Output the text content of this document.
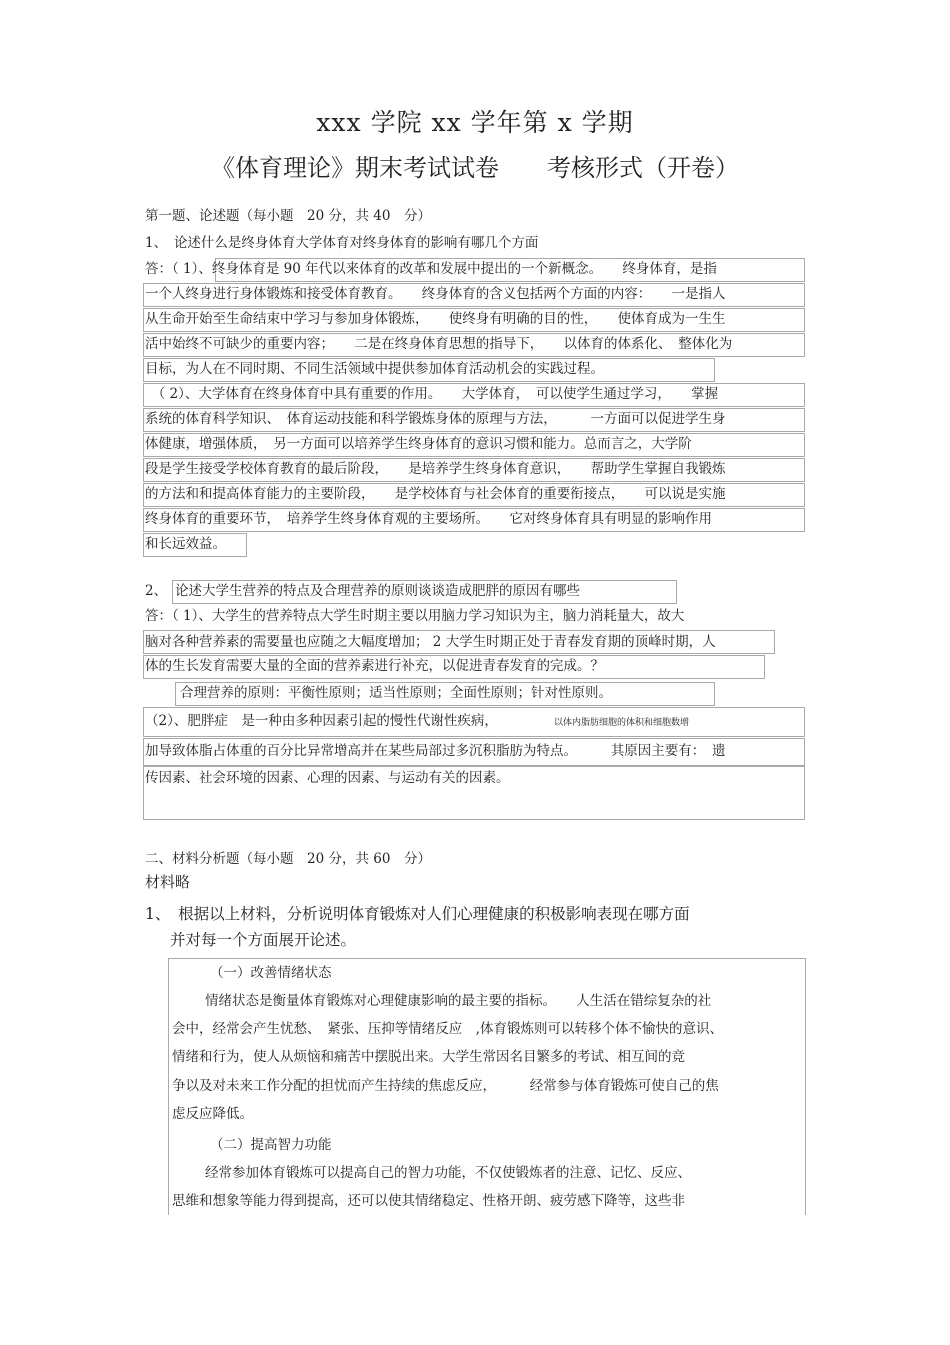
xxx 学院 xx 学年第 x 学期
《体育理论》期末考试试卷　　考核形式（开卷）
第一题、论述题（每小题　20 分，共 40　分）
1、　论述什么是终身体育大学体育对终身体育的影响有哪几个方面
答：（ 1）、终身体育是 90 年代以来体育的改革和发展中提出的一个新概念。　　终身体育，是指
一个人终身进行身体锻炼和接受体育教育。　　终身体育的含义包括两个方面的内容：　　一是指人
从生命开始至生命结束中学习与参加身体锻炼，　　使终身有明确的目的性，　　使体育成为一生生
活中始终不可缺少的重要内容；　　二是在终身体育思想的指导下，　　以体育的体系化、　整体化为
目标，为人在不同时期、不同生活领域中提供参加体育活动机会的实践过程。
　（ 2）、大学体育在终身体育中具有重要的作用。　　大学体育，　可以使学生通过学习，　　掌握
系统的体育科学知识、　体育运动技能和科学锻炼身体的原理与方法，　　　一方面可以促进学生身
体健康，增强体质，　另一方面可以培养学生终身体育的意识习惯和能力。总而言之，大学阶
段是学生接受学校体育教育的最后阶段，　　是培养学生终身体育意识，　　帮助学生掌握自我锻炼
的方法和和提高体育能力的主要阶段，　　是学校体育与社会体育的重要衔接点，　　可以说是实施
终身体育的重要环节，　培养学生终身体育观的主要场所。　　它对终身体育具有明显的影响作用
和长远效益。
2、 论述大学生营养的特点及合理营养的原则谈谈造成肥胖的原因有哪些
答：（ 1）、大学生的营养特点大学生时期主要以用脑力学习知识为主，脑力消耗量大，故大
脑对各种营养素的需要量也应随之大幅度增加； 2 大学生时期正处于青春发育期的顶峰时期，人
体的生长发育需要大量的全面的营养素进行补充，以促进青春发育的完成。？
合理营养的原则：平衡性原则；适当性原则；全面性原则；针对性原则。
（2）、肥胖症　是一种由多种因素引起的慢性代谢性疾病，	以体内脂肪细胞的体积和细胞数增
加导致体脂占体重的百分比异常增高并在某些局部过多沉积脂肪为特点。　　　其原因主要有：　遗
传因素、社会环境的因素、心理的因素、与运动有关的因素。
二、材料分析题（每小题　20 分，共 60　分）
材料略
1、　根据以上材料，分析说明体育锻炼对人们心理健康的积极影响表现在哪方面
并对每一个方面展开论述。
（一）改善情绪状态
情绪状态是衡量体育锻炼对心理健康影响的最主要的指标。　　人生活在错综复杂的社
会中，经常会产生忧愁、　紧张、压抑等情绪反应　,体育锻炼则可以转移个体不愉快的意识、
情绪和行为，使人从烦恼和痛苦中摆脱出来。大学生常因名目繁多的考试、相互间的竞
争以及对未来工作分配的担忧而产生持续的焦虑反应，　　　经常参与体育锻炼可使自己的焦
虑反应降低。
（二）提高智力功能
经常参加体育锻炼可以提高自己的智力功能，不仅使锻炼者的注意、记忆、反应、
思维和想象等能力得到提高，还可以使其情绪稳定、性格开朗、疲劳感下降等，这些非
